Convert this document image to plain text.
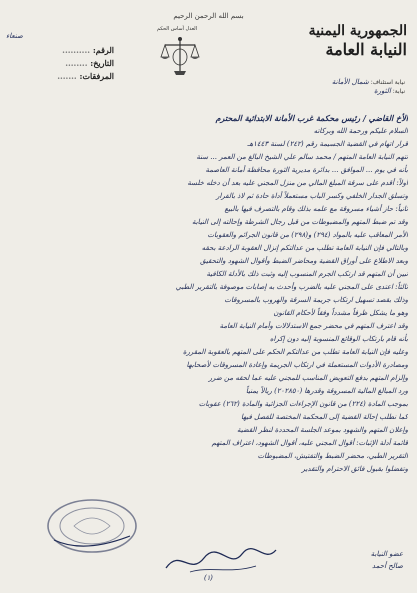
بسم الله الرحمن الرحيم
العدل أساس الحكم	الجمهورية اليمنية
النيابة العامة
نيابة استئناف: شمال الأمانة
نيابة: الثورة
الرقم: ..........
التاريخ: ........
المرفقات: .......
صنعاء
الأخ القاضي / رئيس محكمة غرب الأمانة الابتدائية المحترم
السلام عليكم ورحمة الله وبركاته
قرار اتهام في القضية الجسيمة رقم (٢٤٢) لسنة ١٤٤٣هـ
تتهم النيابة العامة المتهم / محمد سالم علي الشيخ البالغ من العمر ... سنة
بأنه في يوم ... الموافق ... بدائرة مديرية الثورة محافظة أمانة العاصمة
أولاً: أقدم على سرقة المبلغ المالي من منزل المجني عليه بعد أن دخله خلسة
وتسلق الجدار الخلفي وكسر الباب مستعملاً أداة حادة ثم لاذ بالفرار
ثانياً: حاز أشياء مسروقة مع علمه بذلك وقام بالتصرف فيها بالبيع
وقد تم ضبط المتهم والمضبوطات من قبل رجال الشرطة وإحالته إلى النيابة
الأمر المعاقب عليه بالمواد (٢٩٤) و(٢٩٨) من قانون الجرائم والعقوبات
وبالتالي فإن النيابة العامة تطلب من عدالتكم إنزال العقوبة الرادعة بحقه
وبعد الاطلاع على أوراق القضية ومحاضر الضبط وأقوال الشهود والتحقيق
تبين أن المتهم قد ارتكب الجرم المنسوب إليه وثبت ذلك بالأدلة الكافية
ثالثاً: اعتدى على المجني عليه بالضرب وأحدث به إصابات موصوفة بالتقرير الطبي
وذلك بقصد تسهيل ارتكاب جريمة السرقة والهروب بالمسروقات
وهو ما يشكل ظرفاً مشدداً وفقاً لأحكام القانون
وقد اعترف المتهم في محضر جمع الاستدلالات وأمام النيابة العامة
بأنه قام بارتكاب الوقائع المنسوبة إليه دون إكراه
وعليه فإن النيابة العامة تطلب من عدالتكم الحكم على المتهم بالعقوبة المقررة
ومصادرة الأدوات المستعملة في ارتكاب الجريمة وإعادة المسروقات لأصحابها
وإلزام المتهم بدفع التعويض المناسب للمجني عليه عما لحقه من ضرر
ورد المبالغ المالية المسروقة وقدرها (٢٠٢٨٥٠) ريالاً يمنياً
بموجب المادة (٢٢٤) من قانون الإجراءات الجزائية والمادة (٢٦٢) عقوبات
كما نطلب إحالة القضية إلى المحكمة المختصة للفصل فيها
وإعلان المتهم والشهود بموعد الجلسة المحددة لنظر القضية
قائمة أدلة الإثبات: أقوال المجني عليه، أقوال الشهود، اعتراف المتهم
التقرير الطبي، محضر الضبط والتفتيش، المضبوطات
وتفضلوا بقبول فائق الاحترام والتقدير
عضو النيابة
صالح أحمد
(١)
